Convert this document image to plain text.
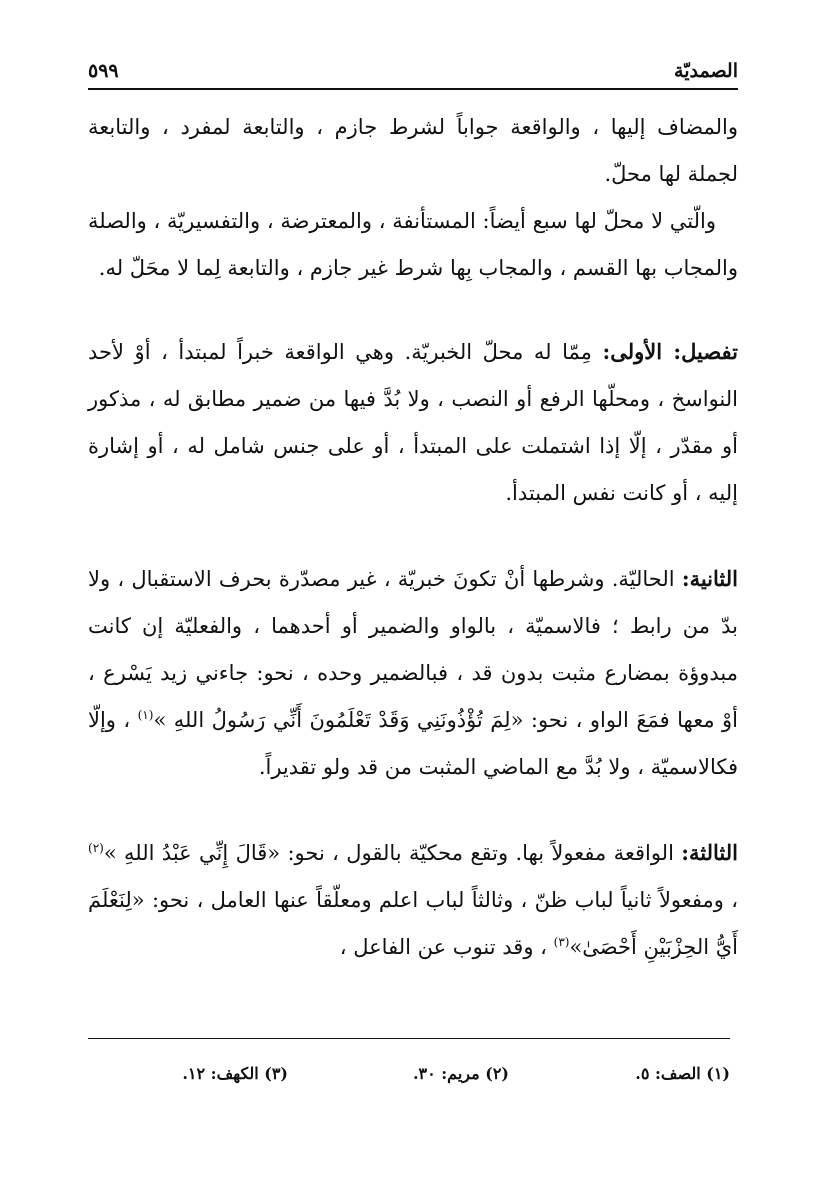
الصمديّة
٥٩٩

والمضاف إليها ، والواقعة جواباً لشرط جازم ، والتابعة لمفرد ، والتابعة لجملة لها محلّ.

والّتي لا محلّ لها سبع أيضاً: المستأنفة ، والمعترضة ، والتفسيريّة ، والصلة والمجاب بها القسم ، والمجاب بِها شرط غير جازم ، والتابعة لِما لا محَلّ له.

تفصيل: الأولى: مِمّا له محلّ الخبريّة. وهي الواقعة خبراً لمبتدأ ، أوْ لأحد النواسخ ، ومحلّها الرفع أو النصب ، ولا بُدَّ فيها من ضمير مطابق له ، مذكور أو مقدّر ، إلّا إذا اشتملت على المبتدأ ، أو على جنس شامل له ، أو إشارة إليه ، أو كانت نفس المبتدأ.

الثانية: الحاليّة. وشرطها أنْ تكونَ خبريّة ، غير مصدّرة بحرف الاستقبال ، ولا بدّ من رابط ؛ فالاسميّة ، بالواو والضمير أو أحدهما ، والفعليّة إن كانت مبدوؤة بمضارع مثبت بدون قد ، فبالضمير وحده ، نحو: جاءني زيد يَسْرع ، أوْ معها فمَعَ الواو ، نحو: «لِمَ تُؤْذُونَنِي وَقَدْ تَعْلَمُونَ أَنِّي رَسُولُ اللهِ »$^{(١)}$ ، وإلّا فكالاسميّة ، ولا بُدَّ مع الماضي المثبت من قد ولو تقديراً.

الثالثة: الواقعة مفعولاً بها. وتقع محكيّة بالقول ، نحو: «قَالَ إِنِّي عَبْدُ اللهِ »$^{(٢)}$ ، ومفعولاً ثانياً لباب ظنّ ، وثالثاً لباب اعلم ومعلّقاً عنها العامل ، نحو: «لِنَعْلَمَ أَيُّ الحِزْبَيْنِ أَحْصَىٰ»$^{(٣)}$ ، وقد تنوب عن الفاعل ،

(١) الصف: ٥.
(٢) مريم: ٣٠.
(٣) الكهف: ١٢.
